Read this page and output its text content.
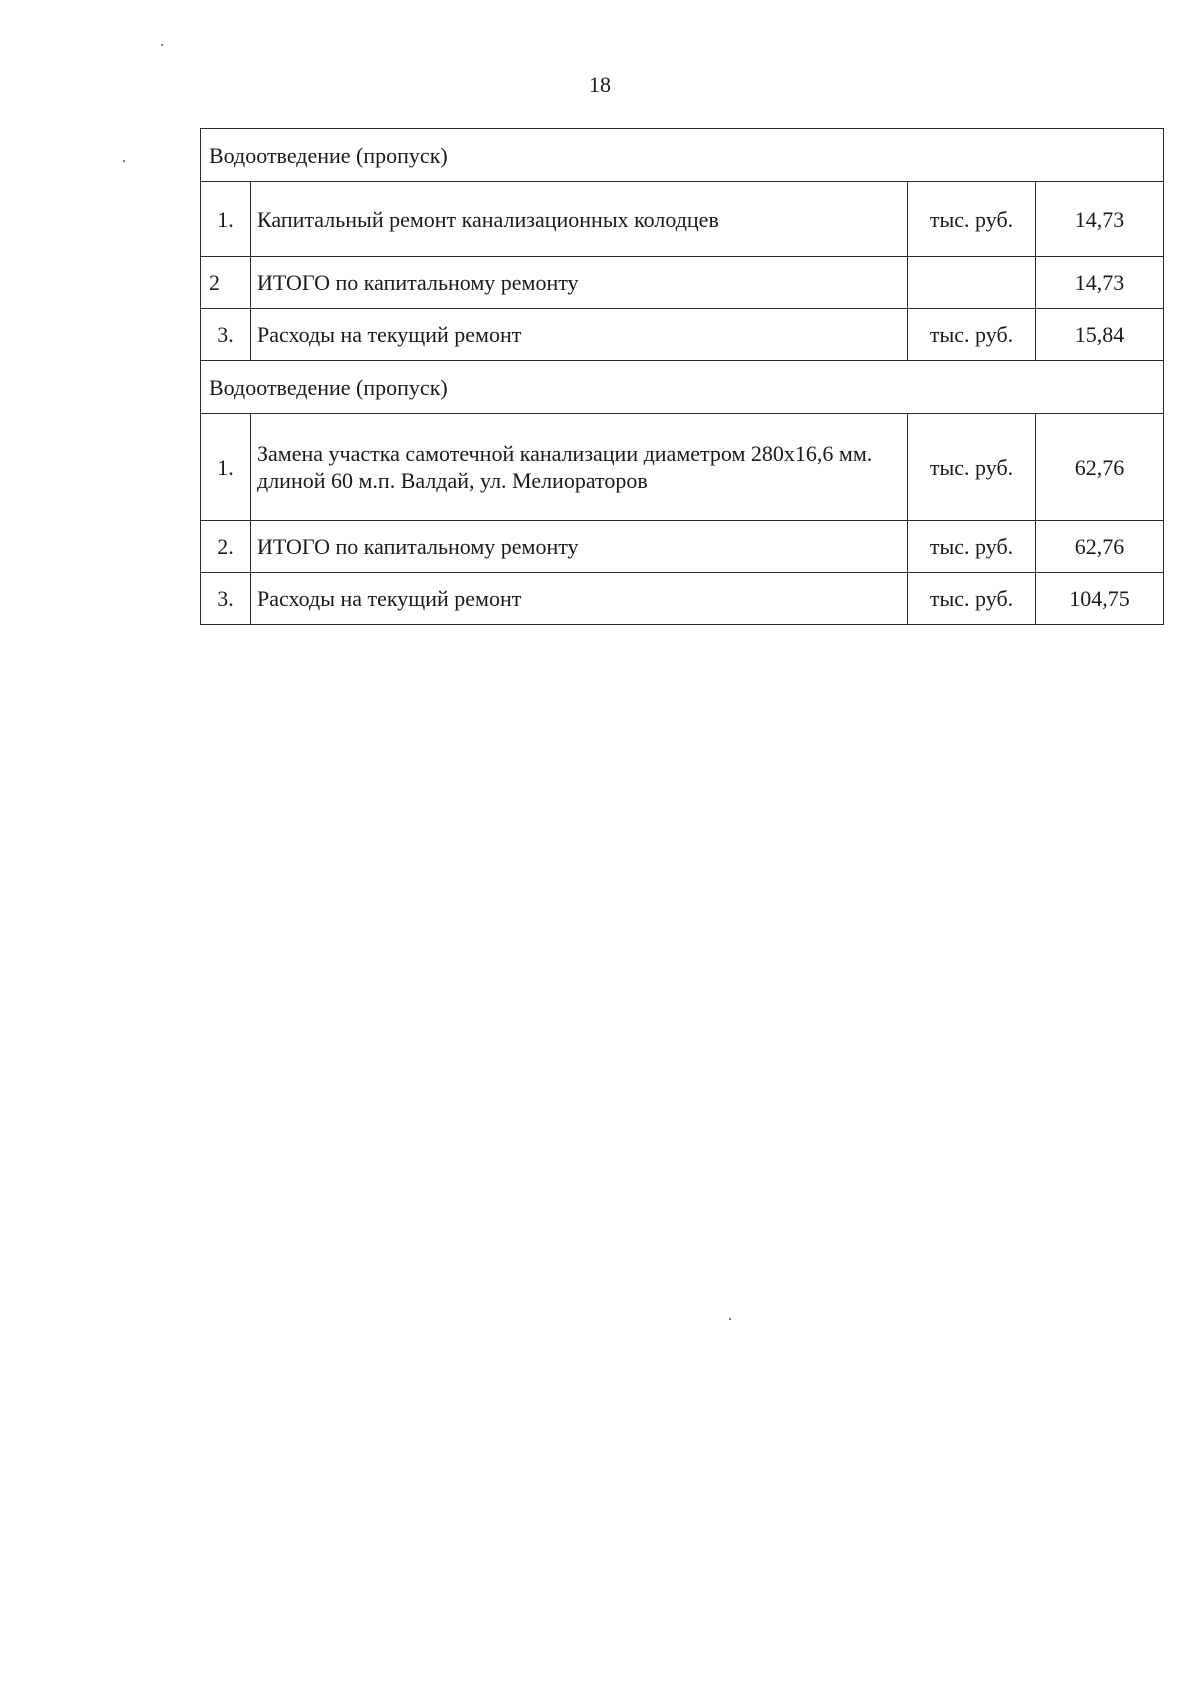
18
Водоотведение (пропуск)			
1.	Капитальный ремонт канализационных колодцев	тыс. руб.	14,73
2	ИТОГО по капитальному ремонту		14,73
3.	Расходы на текущий ремонт	тыс. руб.	15,84
Водоотведение (пропуск)			
1.	Замена участка самотечной канализации диаметром 280х16,6 мм. длиной 60 м.п. Валдай, ул. Мелиораторов	тыс. руб.	62,76
2.	ИТОГО по капитальному ремонту	тыс. руб.	62,76
3.	Расходы на текущий ремонт	тыс. руб.	104,75
